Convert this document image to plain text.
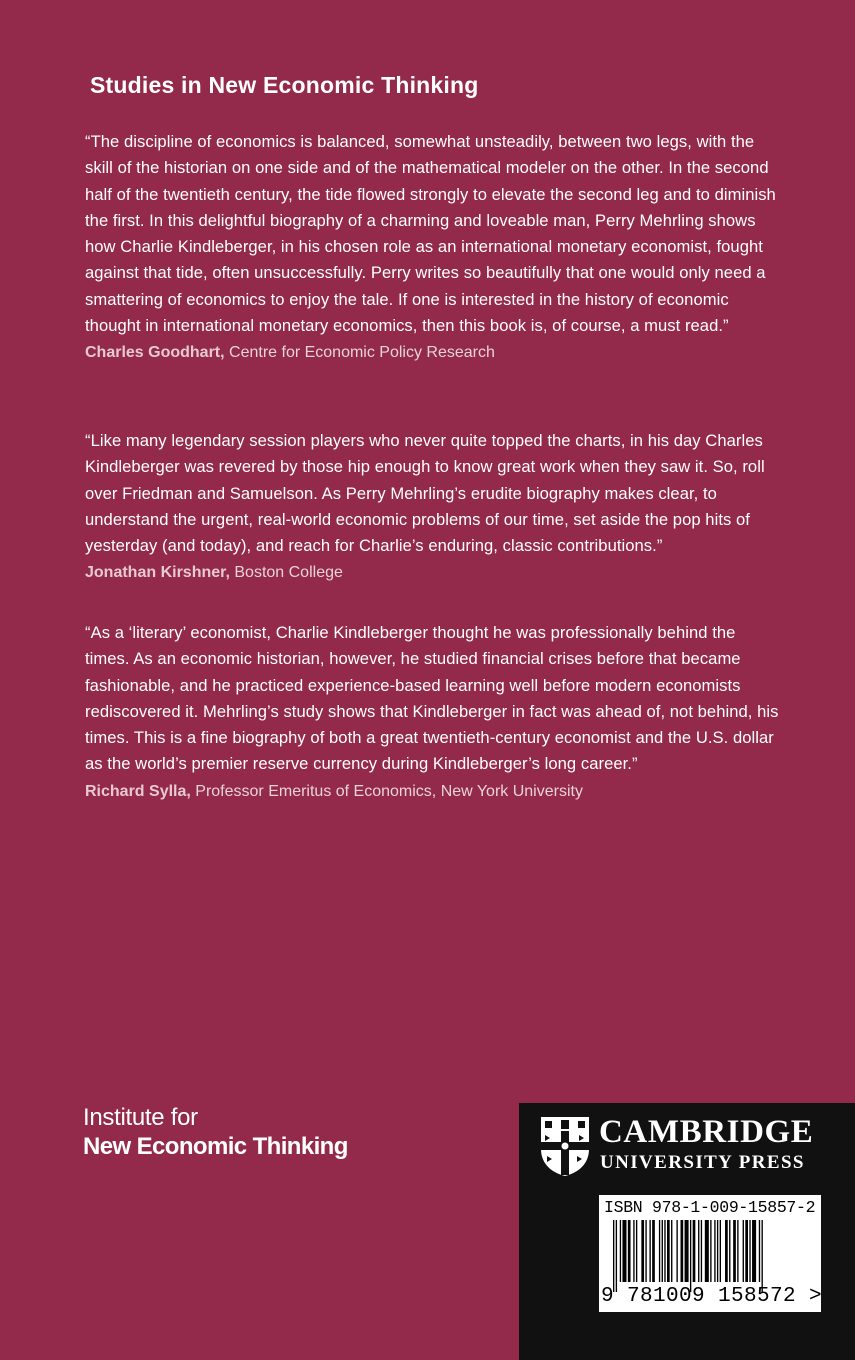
Studies in New Economic Thinking

“The discipline of economics is balanced, somewhat unsteadily, between two legs, with the skill of the historian on one side and of the mathematical modeler on the other. In the second half of the twentieth century, the tide flowed strongly to elevate the second leg and to diminish the first. In this delightful biography of a charming and loveable man, Perry Mehrling shows how Charlie Kindleberger, in his chosen role as an international monetary economist, fought against that tide, often unsuccessfully. Perry writes so beautifully that one would only need a smattering of economics to enjoy the tale. If one is interested in the history of economic thought in international monetary economics, then this book is, of course, a must read.”

Charles Goodhart, Centre for Economic Policy Research

“Like many legendary session players who never quite topped the charts, in his day Charles Kindleberger was revered by those hip enough to know great work when they saw it. So, roll over Friedman and Samuelson. As Perry Mehrling’s erudite biography makes clear, to understand the urgent, real-world economic problems of our time, set aside the pop hits of yesterday (and today), and reach for Charlie’s enduring, classic contributions.”

Jonathan Kirshner, Boston College

“As a ‘literary’ economist, Charlie Kindleberger thought he was professionally behind the times. As an economic historian, however, he studied financial crises before that became fashionable, and he practiced experience-based learning well before modern economists rediscovered it. Mehrling’s study shows that Kindleberger in fact was ahead of, not behind, his times. This is a fine biography of both a great twentieth-century economist and the U.S. dollar as the world’s premier reserve currency during Kindleberger’s long career.”

Richard Sylla, Professor Emeritus of Economics, New York University
Institute for
New Economic Thinking	CAMBRIDGE
UNIVERSITY PRESS
ISBN 978-1-009-15857-2
9 781009 158572 >
